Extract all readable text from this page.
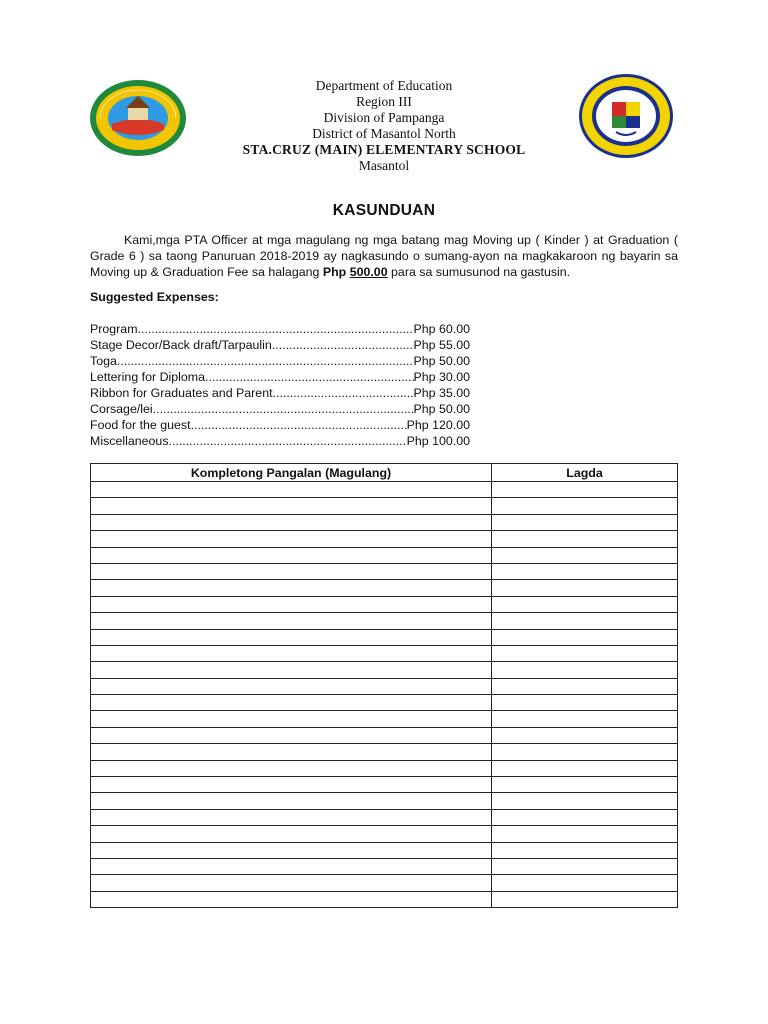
Department of Education
Region III
Division of Pampanga
District of Masantol North
STA.CRUZ (MAIN) ELEMENTARY SCHOOL
Masantol
KASUNDUAN
Kami,mga PTA Officer at mga magulang ng mga batang mag Moving up ( Kinder ) at Graduation ( Grade 6 ) sa taong Panuruan 2018-2019 ay nagkasundo o sumang-ayon na magkakaroon ng bayarin sa Moving up & Graduation Fee sa halagang Php 500.00 para sa sumusunod na gastusin.
Suggested Expenses:
Program .....	Php 60.00
Stage Decor/Back draft/Tarpaulin .....	Php 55.00
Toga .....	Php 50.00
Lettering for Diploma .....	Php 30.00
Ribbon for Graduates and Parent .....	Php 35.00
Corsage/lei .....	Php 50.00
Food for the guest .....	Php 120.00
Miscellaneous .....	Php 100.00
Kompletong Pangalan (Magulang)	Lagda
